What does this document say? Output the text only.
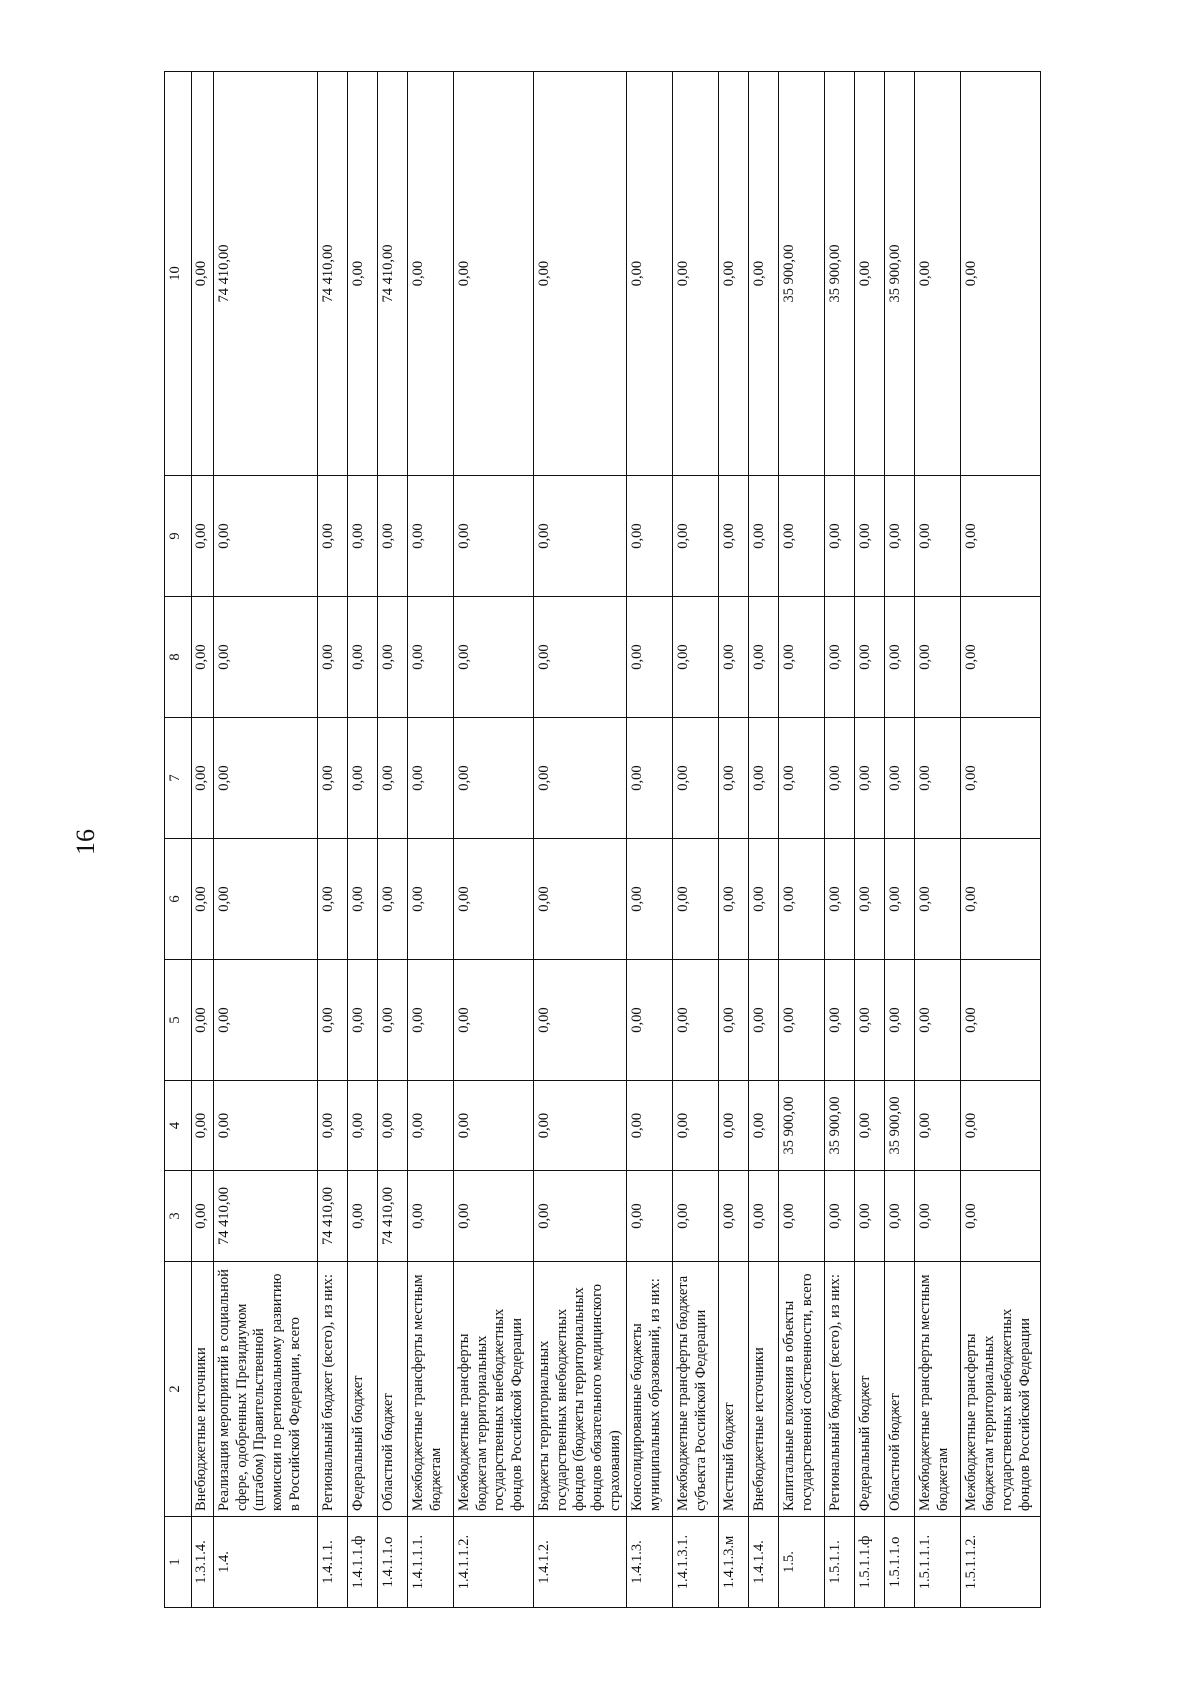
16
1	2	3	4	5	6	7	8	9	10
1.3.1.4.	Внебюджетные источники	0,00	0,00	0,00	0,00	0,00	0,00	0,00	0,00
1.4.	Реализация мероприятий в социальной сфере, одобренных Президиумом (штабом) Правительственной комиссии по региональному развитию в Российской Федерации, всего	74 410,00	0,00	0,00	0,00	0,00	0,00	0,00	74 410,00
1.4.1.1.	Региональный бюджет (всего), из них:	74 410,00	0,00	0,00	0,00	0,00	0,00	0,00	74 410,00
1.4.1.1.ф	Федеральный бюджет	0,00	0,00	0,00	0,00	0,00	0,00	0,00	0,00
1.4.1.1.о	Областной бюджет	74 410,00	0,00	0,00	0,00	0,00	0,00	0,00	74 410,00
1.4.1.1.1.	Межбюджетные трансферты местным бюджетам	0,00	0,00	0,00	0,00	0,00	0,00	0,00	0,00
1.4.1.1.2.	Межбюджетные трансферты бюджетам территориальных государственных внебюджетных фондов Российской Федерации	0,00	0,00	0,00	0,00	0,00	0,00	0,00	0,00
1.4.1.2.	Бюджеты территориальных государственных внебюджетных фондов (бюджеты территориальных фондов обязательного медицинского страхования)	0,00	0,00	0,00	0,00	0,00	0,00	0,00	0,00
1.4.1.3.	Консолидированные бюджеты муниципальных образований, из них:	0,00	0,00	0,00	0,00	0,00	0,00	0,00	0,00
1.4.1.3.1.	Межбюджетные трансферты бюджета субъекта Российской Федерации	0,00	0,00	0,00	0,00	0,00	0,00	0,00	0,00
1.4.1.3.м	Местный бюджет	0,00	0,00	0,00	0,00	0,00	0,00	0,00	0,00
1.4.1.4.	Внебюджетные источники	0,00	0,00	0,00	0,00	0,00	0,00	0,00	0,00
1.5.	Капитальные вложения в объекты государственной собственности, всего	0,00	35 900,00	0,00	0,00	0,00	0,00	0,00	35 900,00
1.5.1.1.	Региональный бюджет (всего), из них:	0,00	35 900,00	0,00	0,00	0,00	0,00	0,00	35 900,00
1.5.1.1.ф	Федеральный бюджет	0,00	0,00	0,00	0,00	0,00	0,00	0,00	0,00
1.5.1.1.о	Областной бюджет	0,00	35 900,00	0,00	0,00	0,00	0,00	0,00	35 900,00
1.5.1.1.1.	Межбюджетные трансферты местным бюджетам	0,00	0,00	0,00	0,00	0,00	0,00	0,00	0,00
1.5.1.1.2.	Межбюджетные трансферты бюджетам территориальных государственных внебюджетных фондов Российской Федерации	0,00	0,00	0,00	0,00	0,00	0,00	0,00	0,00
